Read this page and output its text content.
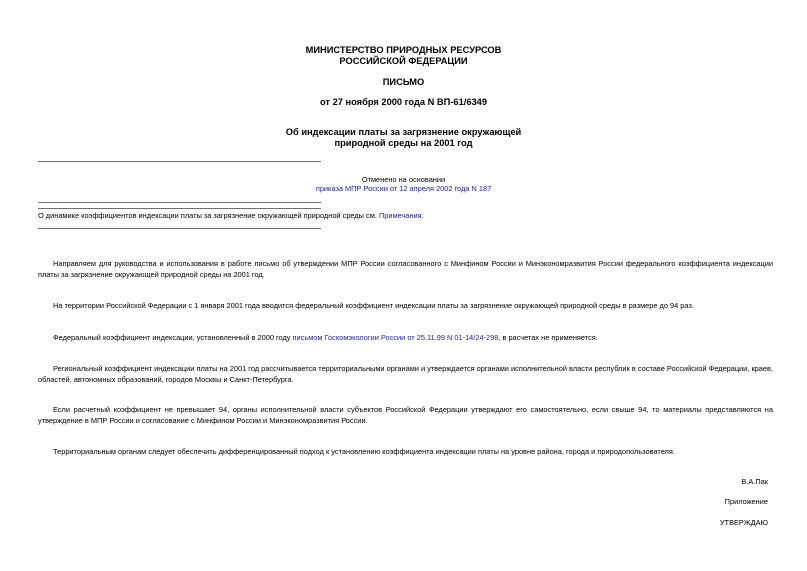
МИНИСТЕРСТВО ПРИРОДНЫХ РЕСУРСОВ
РОССИЙСКОЙ ФЕДЕРАЦИИ
ПИСЬМО
от 27 ноября 2000 года N ВП-61/6349
Об индексации платы за загрязнение окружающей
природной среды на 2001 год
Отменено на основании
приказа МПР России от 12 апреля 2002 года N 187
О динамике коэффициентов индексации платы за загрязнение окружающей природной среды см. Примечания.
Направляем для руководства и использования в работе письмо об утверждении МПР России согласованного с Минфином России и Минэкономразвития России федерального коэффициента индексации платы за загрязнение окружающей природной среды на 2001 год.
На территории Российской Федерации с 1 января 2001 года вводится федеральный коэффициент индексации платы за загрязнение окружающей природной среды в размере до 94 раз.
Федеральный коэффициент индексации, установленный в 2000 году письмом Госкомэкологии России от 25.11.99 N 01-14/24-298, в расчетах не применяется.
Региональный коэффициент индексации платы на 2001 год рассчитывается территориальными органами и утверждается органами исполнительной власти республик в составе Российской Федерации, краев, областей, автономных образований, городов Москвы и Санкт-Петербурга.
Если расчетный коэффициент не превышает 94, органы исполнительной власти субъектов Российской Федерации утверждают его самостоятельно, если свыше 94, то материалы представляются на утверждение в МПР России и согласование с Минфином России и Минэкономразвития России.
Территориальным органам следует обеспечить дифференцированный подход к установлению коэффициента индексации платы на уровне района, города и природопользователя.
В.А.Пак
Приложение
УТВЕРЖДАЮ
